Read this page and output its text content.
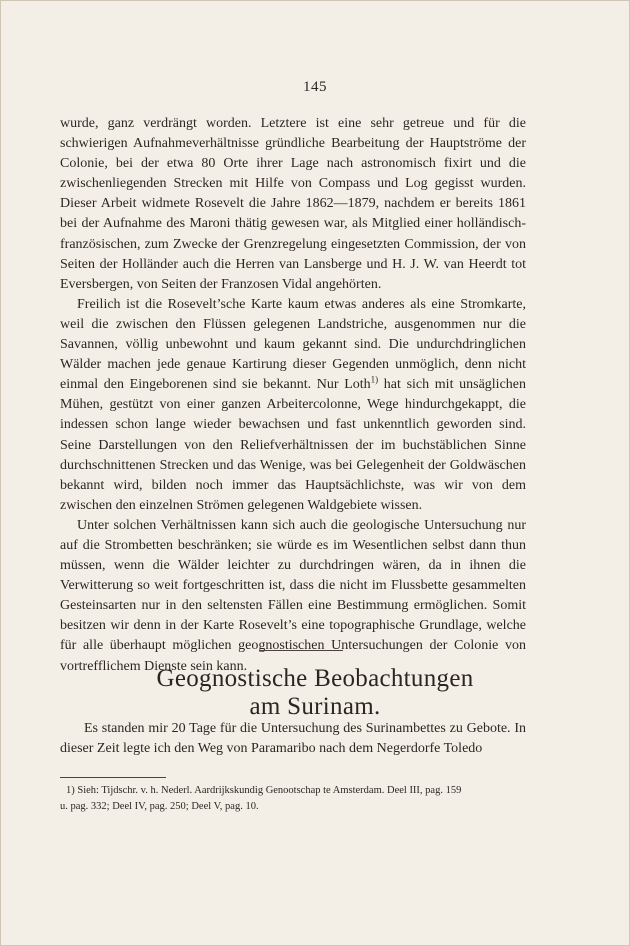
145

wurde, ganz verdrängt worden. Letztere ist eine sehr getreue und für die schwierigen Aufnahmeverhältnisse gründliche Bearbeitung der Hauptströme der Colonie, bei der etwa 80 Orte ihrer Lage nach astronomisch fixirt und die zwischenliegenden Strecken mit Hilfe von Compass und Log gegisst wurden. Dieser Arbeit widmete Rosevelt die Jahre 1862—1879, nachdem er bereits 1861 bei der Aufnahme des Maroni thätig gewesen war, als Mitglied einer holländisch-französischen, zum Zwecke der Grenzregelung eingesetzten Commission, der von Seiten der Holländer auch die Herren van Lansberge und H. J. W. van Heerdt tot Eversbergen, von Seiten der Franzosen Vidal angehörten.

Freilich ist die Rosevelt’sche Karte kaum etwas anderes als eine Stromkarte, weil die zwischen den Flüssen gelegenen Landstriche, ausgenommen nur die Savannen, völlig unbewohnt und kaum gekannt sind. Die undurchdringlichen Wälder machen jede genaue Kartirung dieser Gegenden unmöglich, denn nicht einmal den Eingeborenen sind sie bekannt. Nur Loth$^{1)}$ hat sich mit unsäglichen Mühen, gestützt von einer ganzen Arbeitercolonne, Wege hindurchgekappt, die indessen schon lange wieder bewachsen und fast unkenntlich geworden sind. Seine Darstellungen von den Reliefverhältnissen der im buchstäblichen Sinne durchschnittenen Strecken und das Wenige, was bei Gelegenheit der Goldwäschen bekannt wird, bilden noch immer das Hauptsächlichste, was wir von dem zwischen den einzelnen Strömen gelegenen Waldgebiete wissen.

Unter solchen Verhältnissen kann sich auch die geologische Untersuchung nur auf die Strombetten beschränken; sie würde es im Wesentlichen selbst dann thun müssen, wenn die Wälder leichter zu durchdringen wären, da in ihnen die Verwitterung so weit fortgeschritten ist, dass die nicht im Flussbette gesammelten Gesteinsarten nur in den seltensten Fällen eine Bestimmung ermöglichen. Somit besitzen wir denn in der Karte Rosevelt’s eine topographische Grundlage, welche für alle überhaupt möglichen geognostischen Untersuchungen der Colonie von vortrefflichem Dienste sein kann.

Geognostische Beobachtungen
am Surinam.

Es standen mir 20 Tage für die Untersuchung des Surinambettes zu Gebote. In dieser Zeit legte ich den Weg von Paramaribo nach dem Negerdorfe Toledo

1) Sieh: Tijdschr. v. h. Nederl. Aardrijkskundig Genootschap te Amsterdam. Deel III, pag. 159
u. pag. 332; Deel IV, pag. 250; Deel V, pag. 10.
